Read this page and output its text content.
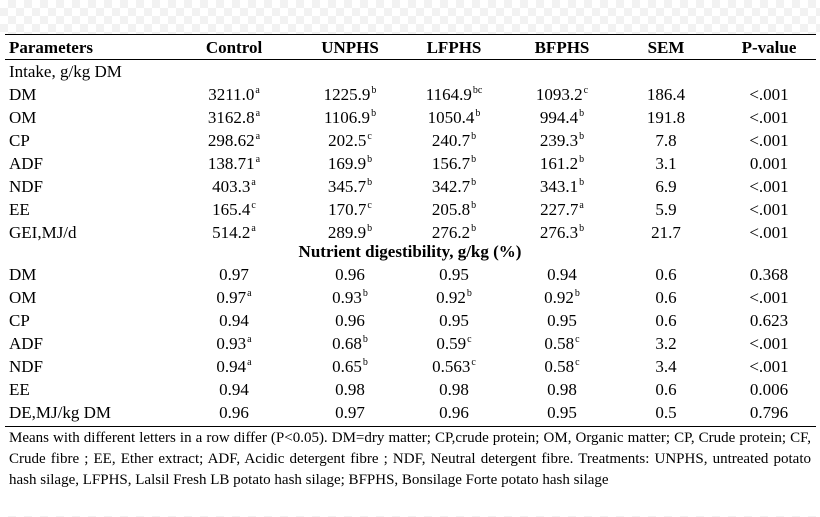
Parameters	Control	UNPHS	LFPHS	BFPHS	SEM	P-value
Intake, g/kg DM
DM	3211.0$^a$	1225.9$^b$	1164.9$^{bc}$	1093.2$^c$	186.4	<.001
OM	3162.8$^a$	1106.9$^b$	1050.4$^b$	994.4$^b$	191.8	<.001
CP	298.62$^a$	202.5$^c$	240.7$^b$	239.3$^b$	7.8	<.001
ADF	138.71$^a$	169.9$^b$	156.7$^b$	161.2$^b$	3.1	0.001
NDF	403.3$^a$	345.7$^b$	342.7$^b$	343.1$^b$	6.9	<.001
EE	165.4$^c$	170.7$^c$	205.8$^b$	227.7$^a$	5.9	<.001
GEI,MJ/d	514.2$^a$	289.9$^b$	276.2$^b$	276.3$^b$	21.7	<.001
Nutrient digestibility, g/kg (%)
DM	0.97	0.96	0.95	0.94	0.6	0.368
OM	0.97$^a$	0.93$^b$	0.92$^b$	0.92$^b$	0.6	<.001
CP	0.94	0.96	0.95	0.95	0.6	0.623
ADF	0.93$^a$	0.68$^b$	0.59$^c$	0.58$^c$	3.2	<.001
NDF	0.94$^a$	0.65$^b$	0.563$^c$	0.58$^c$	3.4	<.001
EE	0.94	0.98	0.98	0.98	0.6	0.006
DE,MJ/kg DM	0.96	0.97	0.96	0.95	0.5	0.796
Means with different letters in a row differ (P<0.05). DM=dry matter; CP,crude protein; OM, Organic matter; CP, Crude protein; CF, Crude fibre ; EE, Ether extract; ADF, Acidic detergent fibre ; NDF, Neutral detergent fibre. Treatments: UNPHS, untreated potato hash silage, LFPHS, Lalsil Fresh LB potato hash silage; BFPHS, Bonsilage Forte potato hash silage
